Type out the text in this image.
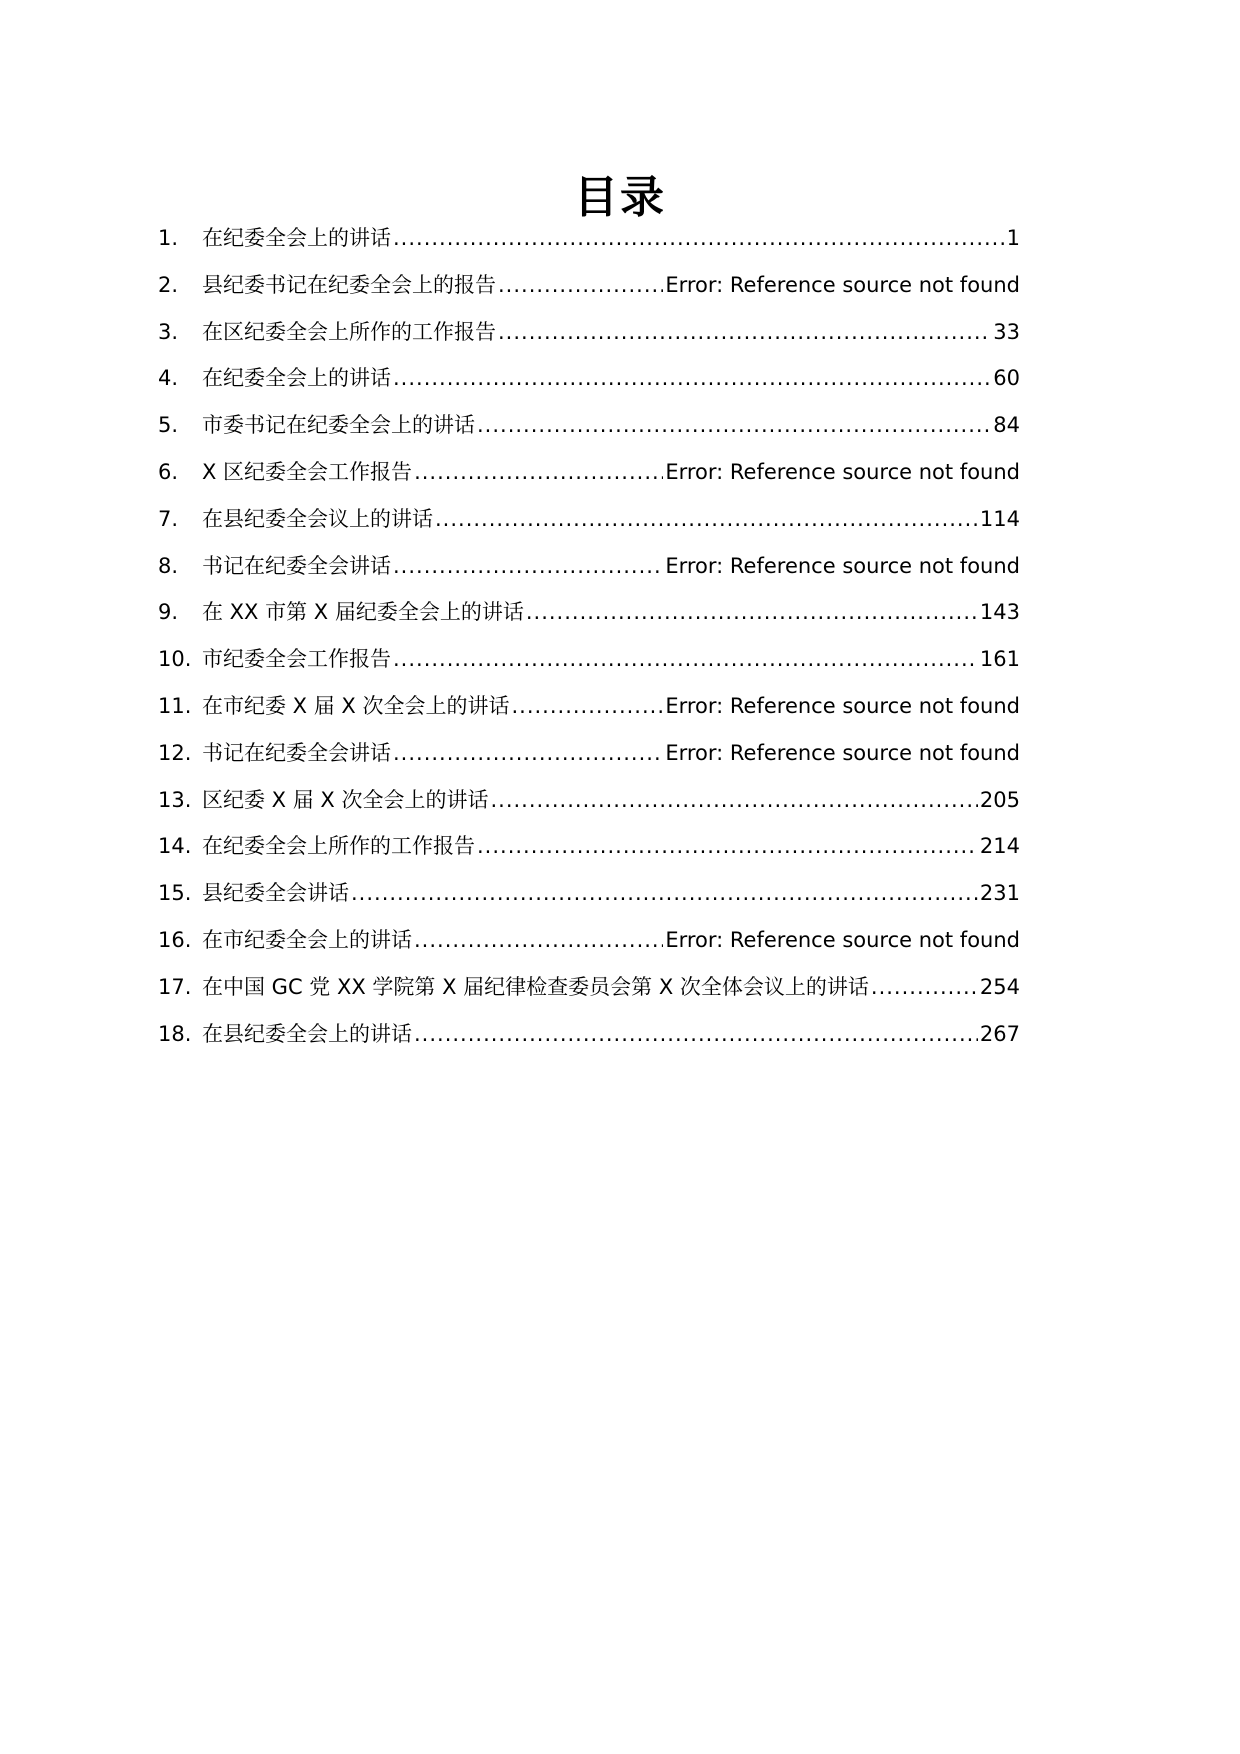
目录
1.	在纪委全会上的讲话 .....	1
2.	县纪委书记在纪委全会上的报告 .....	Error: Reference source not found
3.	在区纪委全会上所作的工作报告 .....	33
4.	在纪委全会上的讲话 .....	60
5.	市委书记在纪委全会上的讲话 .....	84
6.	X 区纪委全会工作报告 .....	Error: Reference source not found
7.	在县纪委全会议上的讲话 .....	114
8.	书记在纪委全会讲话 .....	Error: Reference source not found
9.	在 XX 市第 X 届纪委全会上的讲话 .....	143
10. 市纪委全会工作报告 .....	161
11. 在市纪委 X 届 X 次全会上的讲话 .....	Error: Reference source not found
12. 书记在纪委全会讲话 .....	Error: Reference source not found
13. 区纪委 X 届 X 次全会上的讲话 .....	205
14. 在纪委全会上所作的工作报告 .....	214
15. 县纪委全会讲话 .....	231
16. 在市纪委全会上的讲话 .....	Error: Reference source not found
17. 在中国 GC 党 XX 学院第 X 届纪律检查委员会第 X 次全体会议上的讲话 .....	254
18. 在县纪委全会上的讲话 .....	267
